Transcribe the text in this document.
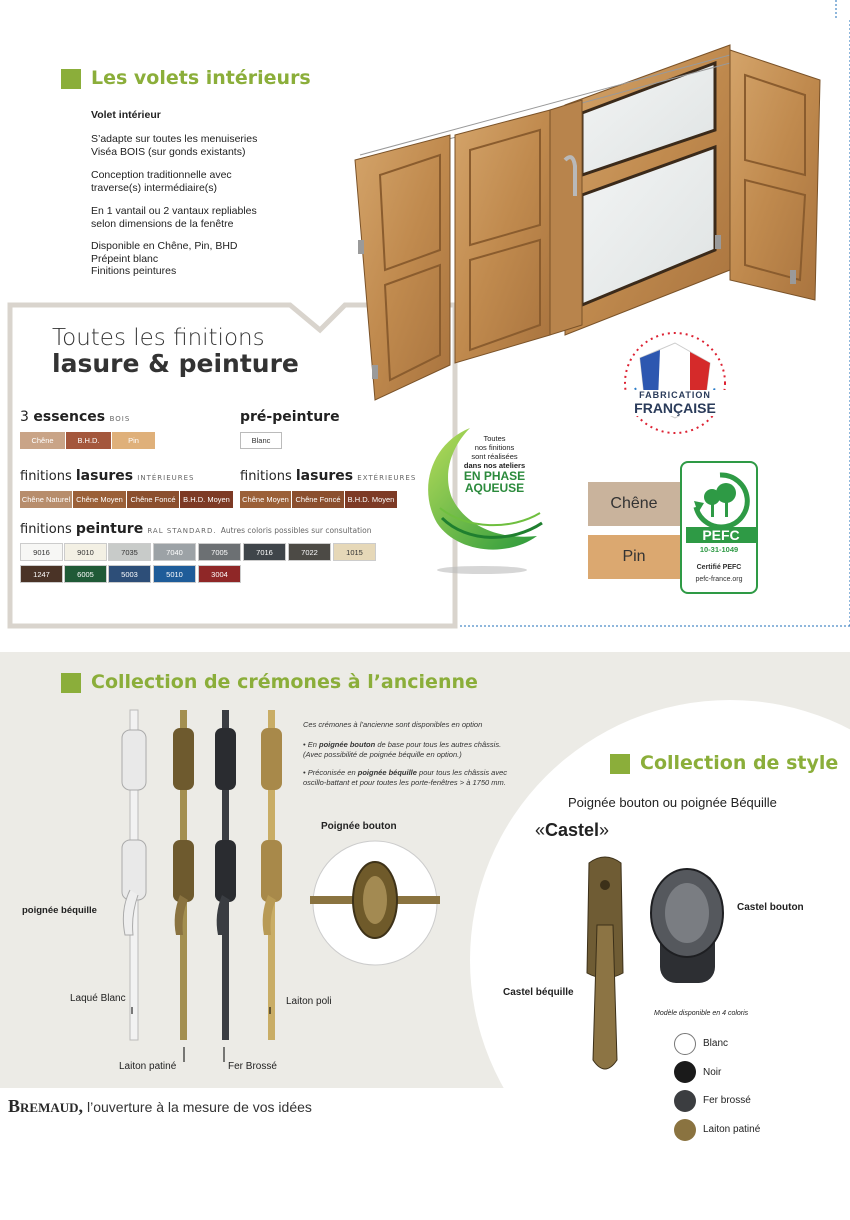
Les volets intérieurs
Volet intérieur
S’adapte sur toutes les menuiseries
Viséa BOIS (sur gonds existants)
Conception traditionnelle avec
traverse(s) intermédiaire(s)
En 1 vantail ou 2 vantaux repliables
selon dimensions de la fenêtre
Disponible en Chêne, Pin, BHD
Prépeint blanc
Finitions peintures
Toutes les finitions
lasure & peinture
3 essences BOIS
Chêne	B.H.D.	Pin
pré-peinture
Blanc
finitions lasures INTÉRIEURES
Chêne Naturel Chêne Moyen Chêne Foncé B.H.D. Moyen
finitions lasures EXTÉRIEURES
Chêne Moyen Chêne Foncé B.H.D. Moyen
finitions peinture RAL STANDARD. Autres coloris possibles sur consultation
9016	9010	7035	7040	7005	7016	7022	1015
1247	6005	5003	5010	3004
Toutes
nos finitions
sont réalisées
dans nos ateliers
EN PHASE
AQUEUSE
FABRICATION
FRANÇAISE
Chêne
Pin
PEFC
10-31-1049
Certifié PEFC
pefc-france.org
Collection de crémones à l’ancienne
Ces crémones à l’ancienne sont disponibles en option
• En poignée bouton de base pour tous les autres châssis.
(Avec possibilité de poignée béquille en option.)
• Préconisée en poignée béquille pour tous les châssis avec
oscillo-battant et pour toutes les porte-fenêtres > à 1750 mm.
Poignée bouton
poignée béquille
Laqué Blanc
Laiton patiné	Fer Brossé
Laiton poli
Collection de style
Poignée bouton ou poignée Béquille
«Castel»
Castel bouton
Castel béquille
Modèle disponible en 4 coloris
Blanc
Noir
Fer brossé
Laiton patiné
Bremaud, l’ouverture à la mesure de vos idées
